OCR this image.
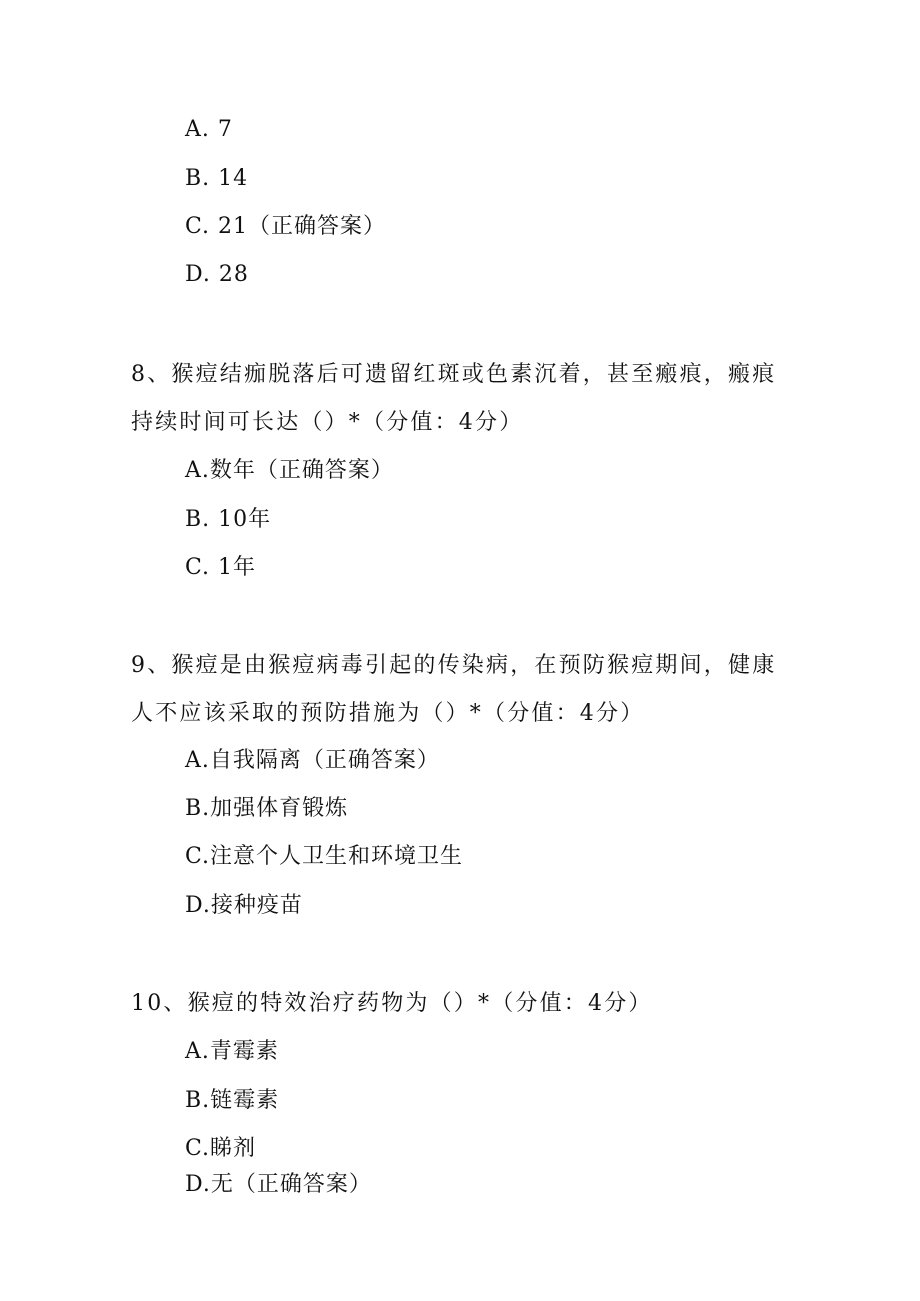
A. 7
B. 14
C. 21（正确答案）
D. 28
8、猴痘结痂脱落后可遗留红斑或色素沉着，甚至瘢痕，瘢痕
持续时间可长达（）*（分值：4分）
A.数年（正确答案）
B. 10年
C. 1年
9、猴痘是由猴痘病毒引起的传染病，在预防猴痘期间，健康
人不应该采取的预防措施为（）*（分值：4分）
A.自我隔离（正确答案）
B.加强体育锻炼
C.注意个人卫生和环境卫生
D.接种疫苗
10、猴痘的特效治疗药物为（）*（分值：4分）
A.青霉素
B.链霉素
C.睇剂
D.无（正确答案）
